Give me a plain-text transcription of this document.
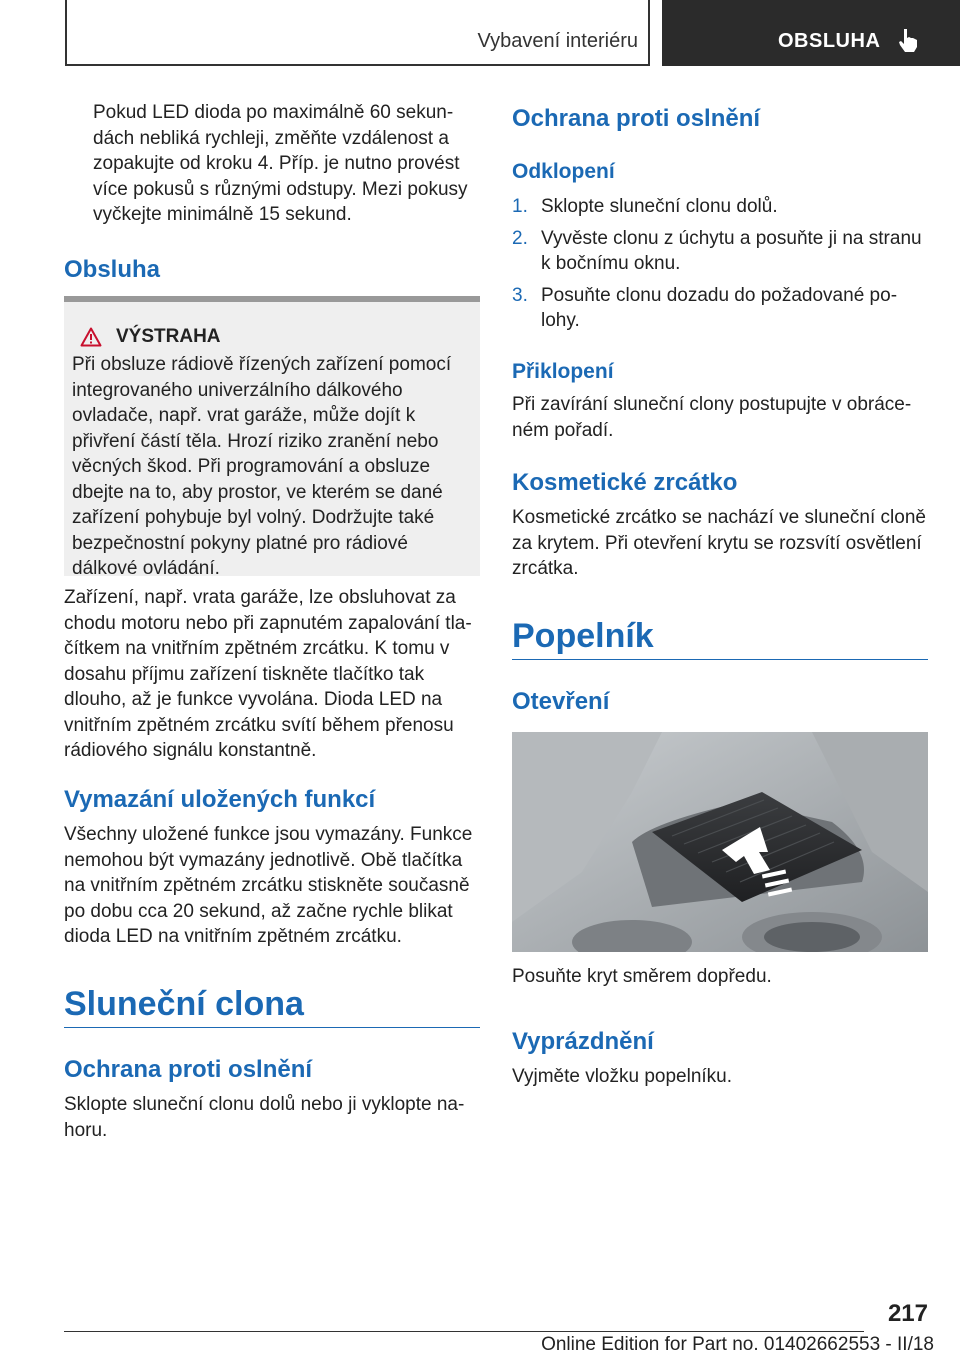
Vybavení interiéru	OBSLUHA

Pokud LED dioda po maximálně 60 sekundách nebliká rychleji, změňte vzdálenost a zopakujte od kroku 4. Příp. je nutno provést více pokusů s různými odstupy. Mezi pokusy vyčkejte minimálně 15 sekund.

Obsluha
VÝSTRAHA

Při obsluze rádiově řízených zařízení pomocí integrovaného univerzálního dálkového ovladače, např. vrat garáže, může dojít k přivření částí těla. Hrozí riziko zranění nebo věcných škod. Při programování a obsluze dbejte na to, aby prostor, ve kterém se dané zařízení pohybuje byl volný. Dodržujte také bezpečnostní pokyny platné pro rádiové dálkové ovládání.

Zařízení, např. vrata garáže, lze obsluhovat za chodu motoru nebo při zapnutém zapalování tlačítkem na vnitřním zpětném zrcátku. K tomu v dosahu příjmu zařízení tiskněte tlačítko tak dlouho, až je funkce vyvolána. Dioda LED na vnitřním zpětném zrcátku svítí během přenosu rádiového signálu konstantně.

Vymazání uložených funkcí

Všechny uložené funkce jsou vymazány. Funkce nemohou být vymazány jednotlivě. Obě tlačítka na vnitřním zpětném zrcátku stiskněte současně po dobu cca 20 sekund, až začne rychle blikat dioda LED na vnitřním zpětném zrcátku.

Sluneční clona
Ochrana proti oslnění

Sklopte sluneční clonu dolů nebo ji vyklopte nahoru.

Ochrana proti oslnění
Odklopení
1. Sklopte sluneční clonu dolů.
2. Vyvěste clonu z úchytu a posuňte ji na stranu k bočnímu oknu.
3. Posuňte clonu dozadu do požadované polohy.
Přiklopení

Při zavírání sluneční clony postupujte v obráceném pořadí.

Kosmetické zrcátko

Kosmetické zrcátko se nachází ve sluneční cloně za krytem. Při otevření krytu se rozsvítí osvětlení zrcátka.

Popelník
Otevření

Posuňte kryt směrem dopředu.

Vyprázdnění

Vyjměte vložku popelníku.

217
Online Edition for Part no. 01402662553 - II/18
